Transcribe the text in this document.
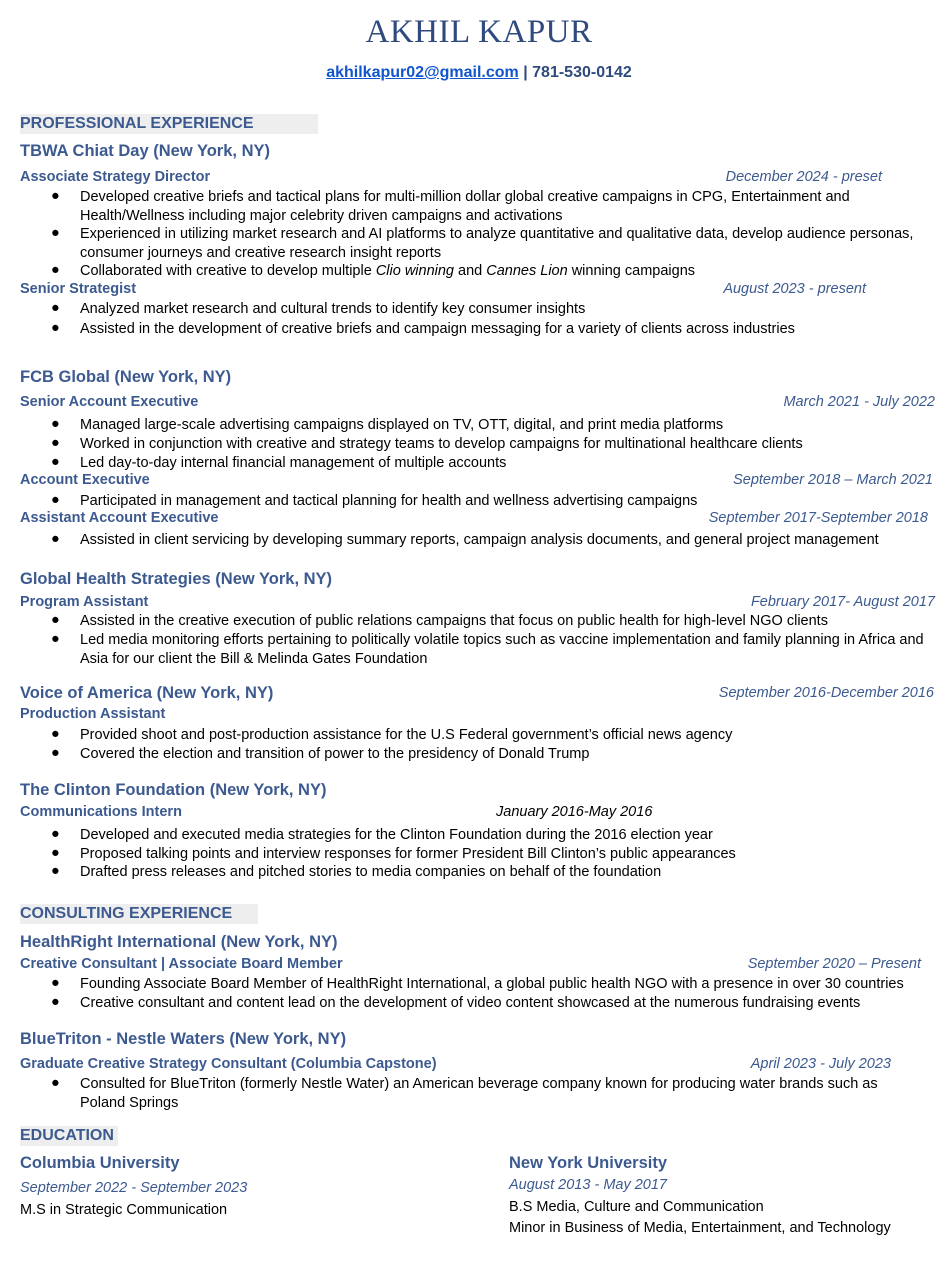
AKHIL KAPUR
akhilkapur02@gmail.com | 781-530-0142
PROFESSIONAL EXPERIENCE
TBWA Chiat Day (New York, NY)
Associate Strategy Director	December 2024 - preset
● Developed creative briefs and tactical plans for multi-million dollar global creative campaigns in CPG, Entertainment and Health/Wellness including major celebrity driven campaigns and activations
● Experienced in utilizing market research and AI platforms to analyze quantitative and qualitative data, develop audience personas, consumer journeys and creative research insight reports
● Collaborated with creative to develop multiple Clio winning and Cannes Lion winning campaigns
Senior Strategist	August 2023 - present
● Analyzed market research and cultural trends to identify key consumer insights
● Assisted in the development of creative briefs and campaign messaging for a variety of clients across industries
FCB Global (New York, NY)
Senior Account Executive	March 2021 - July 2022
● Managed large-scale advertising campaigns displayed on TV, OTT, digital, and print media platforms
● Worked in conjunction with creative and strategy teams to develop campaigns for multinational healthcare clients
● Led day-to-day internal financial management of multiple accounts
Account Executive	September 2018 – March 2021
● Participated in management and tactical planning for health and wellness advertising campaigns
Assistant Account Executive	September 2017-September 2018
● Assisted in client servicing by developing summary reports, campaign analysis documents, and general project management
Global Health Strategies (New York, NY)
Program Assistant	February 2017- August 2017
● Assisted in the creative execution of public relations campaigns that focus on public health for high-level NGO clients
● Led media monitoring efforts pertaining to politically volatile topics such as vaccine implementation and family planning in Africa and Asia for our client the Bill & Melinda Gates Foundation
Voice of America (New York, NY)	September 2016-December 2016
Production Assistant
● Provided shoot and post-production assistance for the U.S Federal government’s official news agency
● Covered the election and transition of power to the presidency of Donald Trump
The Clinton Foundation (New York, NY)
Communications Intern	January 2016-May 2016
● Developed and executed media strategies for the Clinton Foundation during the 2016 election year
● Proposed talking points and interview responses for former President Bill Clinton’s public appearances
● Drafted press releases and pitched stories to media companies on behalf of the foundation
CONSULTING EXPERIENCE
HealthRight International (New York, NY)
Creative Consultant | Associate Board Member	September 2020 – Present
● Founding Associate Board Member of HealthRight International, a global public health NGO with a presence in over 30 countries
● Creative consultant and content lead on the development of video content showcased at the numerous fundraising events
BlueTriton - Nestle Waters (New York, NY)
Graduate Creative Strategy Consultant (Columbia Capstone)	April 2023 - July 2023
● Consulted for BlueTriton (formerly Nestle Water) an American beverage company known for producing water brands such as Poland Springs
EDUCATION
Columbia University
September 2022 - September 2023
M.S in Strategic Communication
New York University
August 2013 - May 2017
B.S Media, Culture and Communication
Minor in Business of Media, Entertainment, and Technology
